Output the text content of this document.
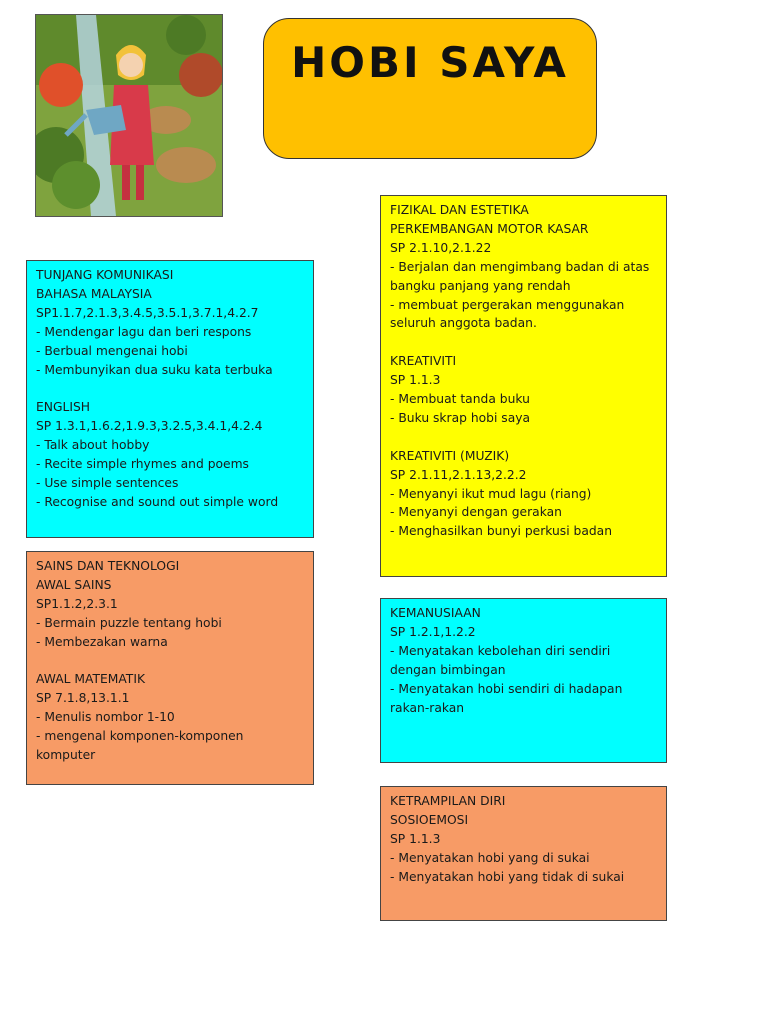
HOBI SAYA
TUNJANG KOMUNIKASI
BAHASA MALAYSIA
SP1.1.7,2.1.3,3.4.5,3.5.1,3.7.1,4.2.7
- Mendengar lagu dan beri respons
- Berbual mengenai hobi
- Membunyikan dua suku kata terbuka
ENGLISH
SP 1.3.1,1.6.2,1.9.3,3.2.5,3.4.1,4.2.4
- Talk about hobby
- Recite simple rhymes and poems
- Use simple sentences
- Recognise and sound out simple word
SAINS DAN TEKNOLOGI
AWAL SAINS
SP1.1.2,2.3.1
- Bermain puzzle tentang hobi
- Membezakan warna
AWAL MATEMATIK
SP 7.1.8,13.1.1
- Menulis nombor 1-10
- mengenal komponen-komponen komputer
FIZIKAL DAN ESTETIKA
PERKEMBANGAN MOTOR KASAR
SP 2.1.10,2.1.22
- Berjalan dan mengimbang badan di atas bangku panjang yang rendah
- membuat pergerakan menggunakan seluruh anggota badan.
KREATIVITI
SP 1.1.3
- Membuat tanda buku
- Buku skrap hobi saya
KREATIVITI (MUZIK)
SP 2.1.11,2.1.13,2.2.2
- Menyanyi ikut mud lagu (riang)
- Menyanyi dengan gerakan
- Menghasilkan bunyi perkusi badan
KEMANUSIAAN
SP 1.2.1,1.2.2
- Menyatakan kebolehan diri sendiri dengan bimbingan
- Menyatakan hobi sendiri di hadapan rakan-rakan
KETRAMPILAN DIRI
SOSIOEMOSI
SP 1.1.3
- Menyatakan hobi yang di sukai
- Menyatakan hobi yang tidak di sukai
